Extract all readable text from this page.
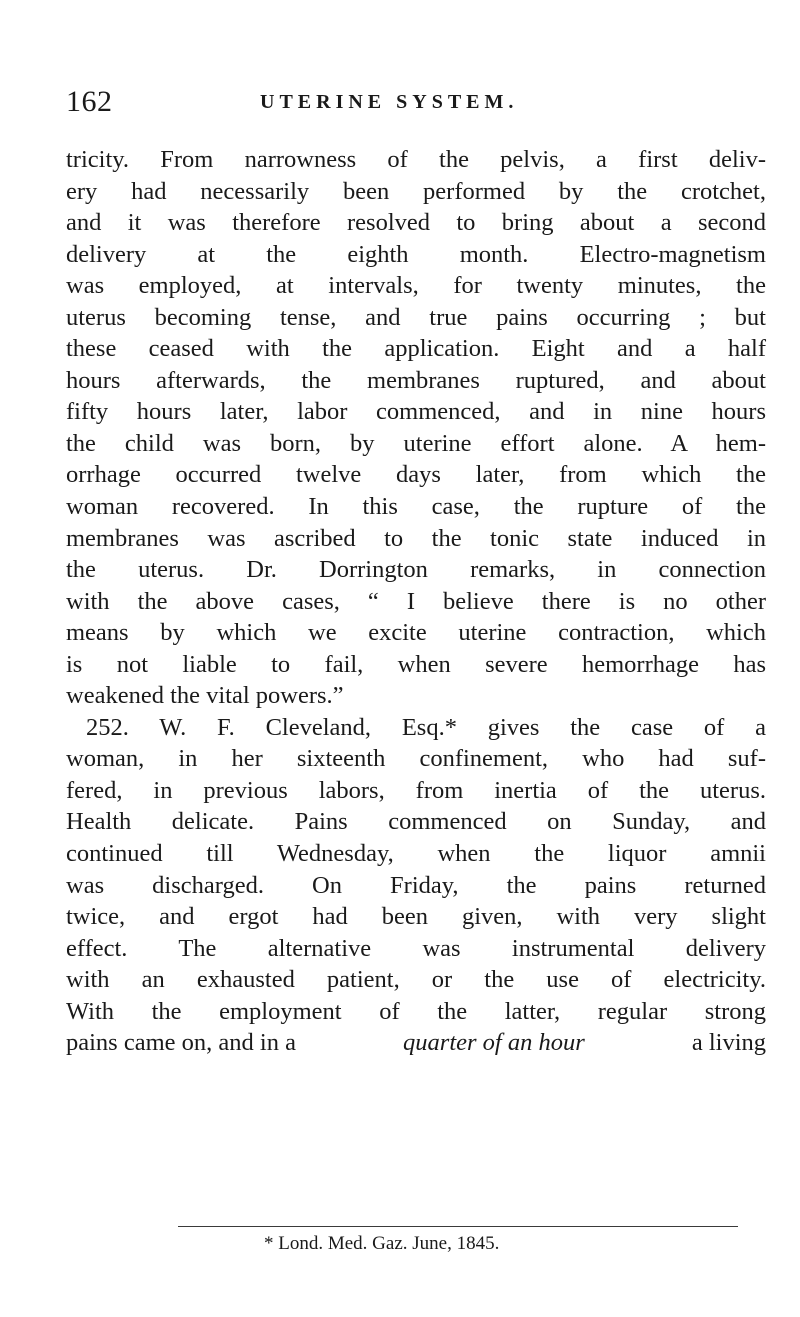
162	UTERINE SYSTEM.
tricity. From narrowness of the pelvis, a first deliv-
ery had necessarily been performed by the crotchet,
and it was therefore resolved to bring about a second
delivery at the eighth month. Electro-magnetism
was employed, at intervals, for twenty minutes, the
uterus becoming tense, and true pains occurring ; but
these ceased with the application. Eight and a half
hours afterwards, the membranes ruptured, and about
fifty hours later, labor commenced, and in nine hours
the child was born, by uterine effort alone. A hem-
orrhage occurred twelve days later, from which the
woman recovered. In this case, the rupture of the
membranes was ascribed to the tonic state induced in
the uterus. Dr. Dorrington remarks, in connection
with the above cases, “ I believe there is no other
means by which we excite uterine contraction, which
is not liable to fail, when severe hemorrhage has
weakened the vital powers.”
252. W. F. Cleveland, Esq.* gives the case of a
woman, in her sixteenth confinement, who had suf-
fered, in previous labors, from inertia of the uterus.
Health delicate. Pains commenced on Sunday, and
continued till Wednesday, when the liquor amnii
was discharged. On Friday, the pains returned
twice, and ergot had been given, with very slight
effect. The alternative was instrumental delivery
with an exhausted patient, or the use of electricity.
With the employment of the latter, regular strong
pains came on, and in a	quarter of an hour	a living
* Lond. Med. Gaz. June, 1845.
